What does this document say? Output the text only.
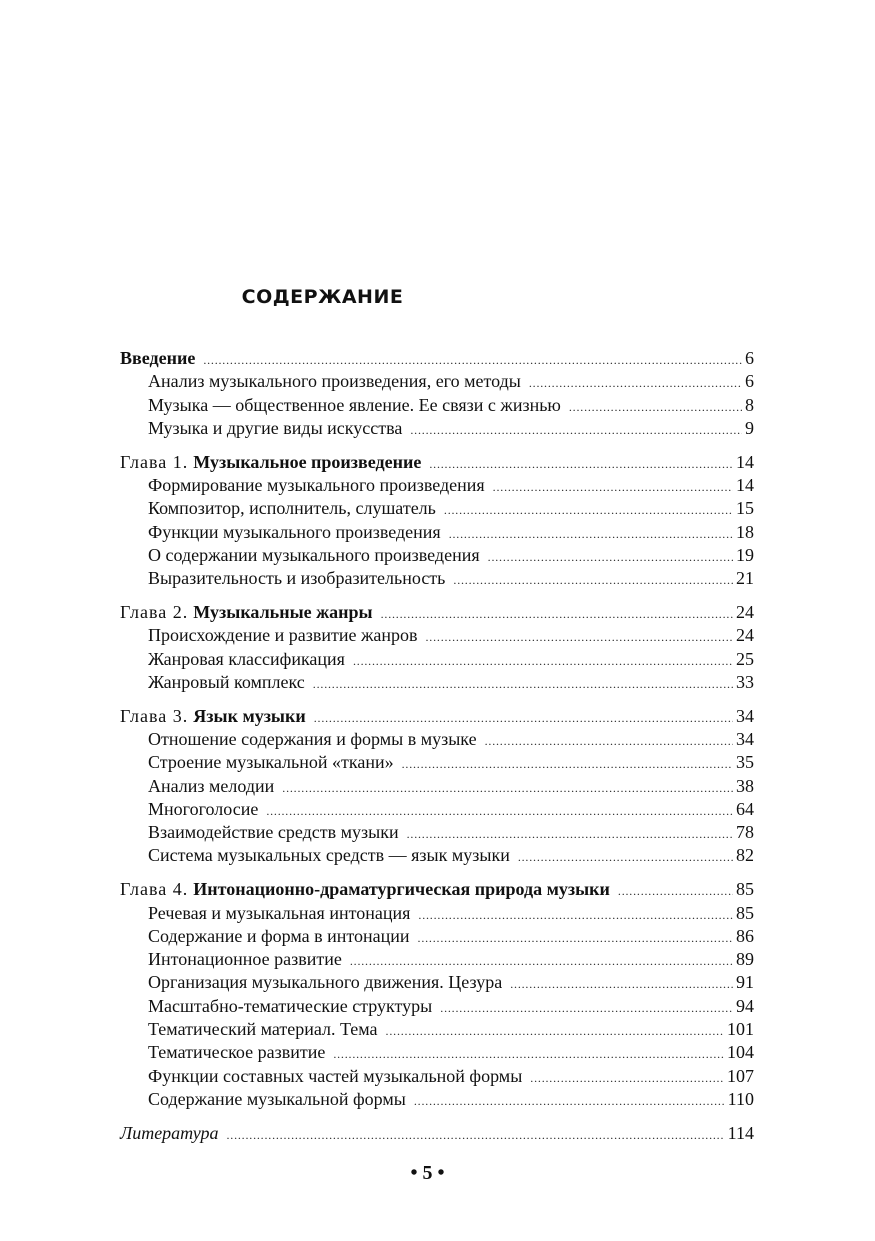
СОДЕРЖАНИЕ
Введение .....	6
Анализ музыкального произведения, его методы .....	6
Музыка — общественное явление. Ее связи с жизнью .....	8
Музыка и другие виды искусства .....	9
Глава 1. Музыкальное произведение .....	14
Формирование музыкального произведения .....	14
Композитор, исполнитель, слушатель .....	15
Функции музыкального произведения .....	18
О содержании музыкального произведения .....	19
Выразительность и изобразительность .....	21
Глава 2. Музыкальные жанры .....	24
Происхождение и развитие жанров .....	24
Жанровая классификация .....	25
Жанровый комплекс .....	33
Глава 3. Язык музыки .....	34
Отношение содержания и формы в музыке .....	34
Строение музыкальной «ткани» .....	35
Анализ мелодии .....	38
Многоголосие .....	64
Взаимодействие средств музыки .....	78
Система музыкальных средств — язык музыки .....	82
Глава 4. Интонационно-драматургическая природа музыки .....	85
Речевая и музыкальная интонация .....	85
Содержание и форма в интонации .....	86
Интонационное развитие .....	89
Организация музыкального движения. Цезура .....	91
Масштабно-тематические структуры .....	94
Тематический материал. Тема .....	101
Тематическое развитие .....	104
Функции составных частей музыкальной формы .....	107
Содержание музыкальной формы .....	110
Литература .....	114
• 5 •
